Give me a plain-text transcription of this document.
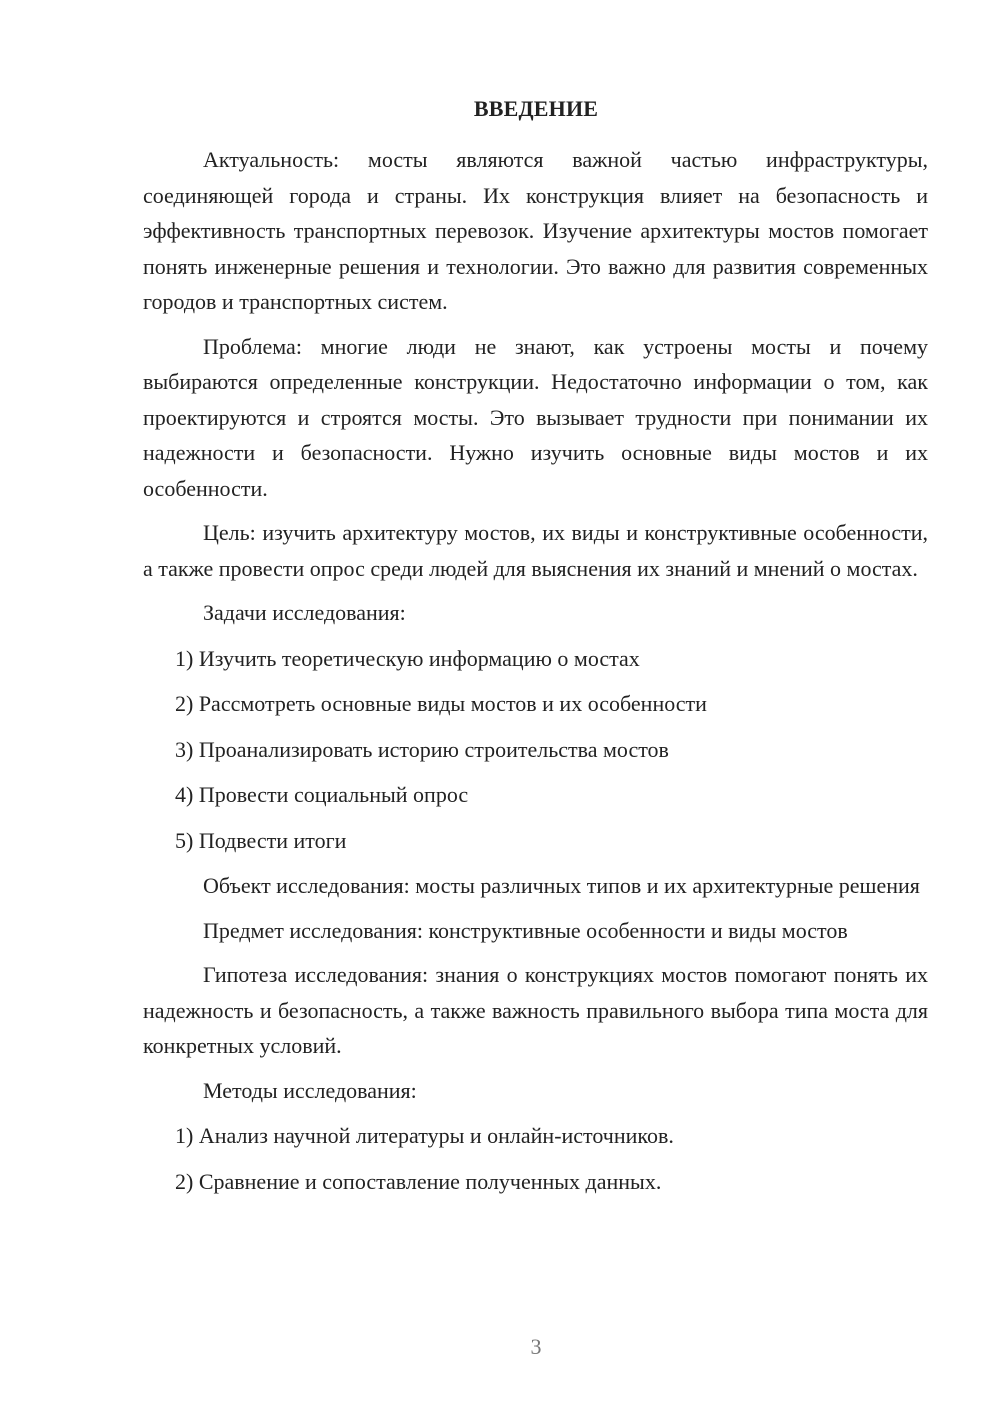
ВВЕДЕНИЕ

Актуальность: мосты являются важной частью инфраструктуры, соединяющей города и страны. Их конструкция влияет на безопасность и эффективность транспортных перевозок. Изучение архитектуры мостов помогает понять инженерные решения и технологии. Это важно для развития современных городов и транспортных систем.

Проблема: многие люди не знают, как устроены мосты и почему выбираются определенные конструкции. Недостаточно информации о том, как проектируются и строятся мосты. Это вызывает трудности при понимании их надежности и безопасности. Нужно изучить основные виды мостов и их особенности.

Цель: изучить архитектуру мостов, их виды и конструктивные особенности, а также провести опрос среди людей для выяснения их знаний и мнений о мостах.

Задачи исследования:

1) Изучить теоретическую информацию о мостах

2) Рассмотреть основные виды мостов и их особенности

3) Проанализировать историю строительства мостов

4) Провести социальный опрос

5) Подвести итоги

Объект исследования: мосты различных типов и их архитектурные решения

Предмет исследования: конструктивные особенности и виды мостов

Гипотеза исследования: знания о конструкциях мостов помогают понять их надежность и безопасность, а также важность правильного выбора типа моста для конкретных условий.

Методы исследования:

1) Анализ научной литературы и онлайн-источников.

2) Сравнение и сопоставление полученных данных.

3
